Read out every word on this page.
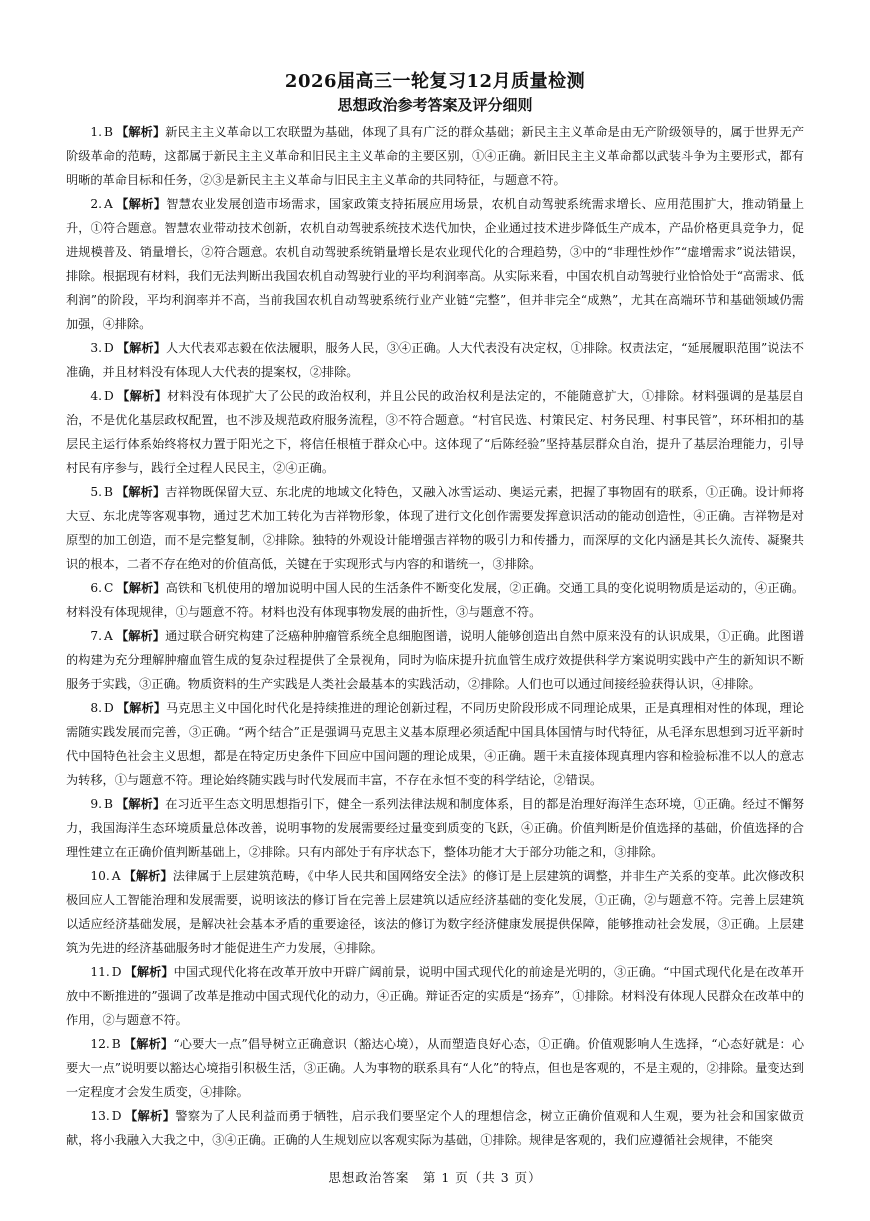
2026届高三一轮复习12月质量检测
思想政治参考答案及评分细则

1. B 【解析】新民主主义革命以工农联盟为基础，体现了具有广泛的群众基础；新民主主义革命是由无产阶级领导的，属于世界无产阶级革命的范畴，这都属于新民主主义革命和旧民主主义革命的主要区别，①④正确。新旧民主主义革命都以武装斗争为主要形式，都有明晰的革命目标和任务，②③是新民主主义革命与旧民主主义革命的共同特征，与题意不符。

2. A 【解析】智慧农业发展创造市场需求，国家政策支持拓展应用场景，农机自动驾驶系统需求增长、应用范围扩大，推动销量上升，①符合题意。智慧农业带动技术创新，农机自动驾驶系统技术迭代加快，企业通过技术进步降低生产成本，产品价格更具竞争力，促进规模普及、销量增长，②符合题意。农机自动驾驶系统销量增长是农业现代化的合理趋势，③中的“非理性炒作”“虚增需求”说法错误，排除。根据现有材料，我们无法判断出我国农机自动驾驶行业的平均利润率高。从实际来看，中国农机自动驾驶行业恰恰处于“高需求、低利润”的阶段，平均利润率并不高，当前我国农机自动驾驶系统行业产业链“完整”，但并非完全“成熟”，尤其在高端环节和基础领域仍需加强，④排除。

3. D 【解析】人大代表邓志毅在依法履职，服务人民，③④正确。人大代表没有决定权，①排除。权责法定，“延展履职范围”说法不准确，并且材料没有体现人大代表的提案权，②排除。

4. D 【解析】材料没有体现扩大了公民的政治权利，并且公民的政治权利是法定的，不能随意扩大，①排除。材料强调的是基层自治，不是优化基层政权配置，也不涉及规范政府服务流程，③不符合题意。“村官民选、村策民定、村务民理、村事民管”，环环相扣的基层民主运行体系始终将权力置于阳光之下，将信任根植于群众心中。这体现了“后陈经验”坚持基层群众自治，提升了基层治理能力，引导村民有序参与，践行全过程人民民主，②④正确。

5. B 【解析】吉祥物既保留大豆、东北虎的地域文化特色，又融入冰雪运动、奥运元素，把握了事物固有的联系，①正确。设计师将大豆、东北虎等客观事物，通过艺术加工转化为吉祥物形象，体现了进行文化创作需要发挥意识活动的能动创造性，④正确。吉祥物是对原型的加工创造，而不是完整复制，②排除。独特的外观设计能增强吉祥物的吸引力和传播力，而深厚的文化内涵是其长久流传、凝聚共识的根本，二者不存在绝对的价值高低，关键在于实现形式与内容的和谐统一，③排除。

6. C 【解析】高铁和飞机使用的增加说明中国人民的生活条件不断变化发展，②正确。交通工具的变化说明物质是运动的，④正确。材料没有体现规律，①与题意不符。材料也没有体现事物发展的曲折性，③与题意不符。

7. A 【解析】通过联合研究构建了泛癌种肿瘤管系统全息细胞图谱，说明人能够创造出自然中原来没有的认识成果，①正确。此图谱的构建为充分理解肿瘤血管生成的复杂过程提供了全景视角，同时为临床提升抗血管生成疗效提供科学方案说明实践中产生的新知识不断服务于实践，③正确。物质资料的生产实践是人类社会最基本的实践活动，②排除。人们也可以通过间接经验获得认识，④排除。

8. D 【解析】马克思主义中国化时代化是持续推进的理论创新过程，不同历史阶段形成不同理论成果，正是真理相对性的体现，理论需随实践发展而完善，③正确。“两个结合”正是强调马克思主义基本原理必须适配中国具体国情与时代特征，从毛泽东思想到习近平新时代中国特色社会主义思想，都是在特定历史条件下回应中国问题的理论成果，④正确。题干未直接体现真理内容和检验标准不以人的意志为转移，①与题意不符。理论始终随实践与时代发展而丰富，不存在永恒不变的科学结论，②错误。

9. B 【解析】在习近平生态文明思想指引下，健全一系列法律法规和制度体系，目的都是治理好海洋生态环境，①正确。经过不懈努力，我国海洋生态环境质量总体改善，说明事物的发展需要经过量变到质变的飞跃，④正确。价值判断是价值选择的基础，价值选择的合理性建立在正确价值判断基础上，②排除。只有内部处于有序状态下，整体功能才大于部分功能之和，③排除。

10. A 【解析】法律属于上层建筑范畴，《中华人民共和国网络安全法》的修订是上层建筑的调整，并非生产关系的变革。此次修改积极回应人工智能治理和发展需要，说明该法的修订旨在完善上层建筑以适应经济基础的变化发展，①正确，②与题意不符。完善上层建筑以适应经济基础发展，是解决社会基本矛盾的重要途径，该法的修订为数字经济健康发展提供保障，能够推动社会发展，③正确。上层建筑为先进的经济基础服务时才能促进生产力发展，④排除。

11. D 【解析】中国式现代化将在改革开放中开辟广阔前景，说明中国式现代化的前途是光明的，③正确。“中国式现代化是在改革开放中不断推进的”强调了改革是推动中国式现代化的动力，④正确。辩证否定的实质是“扬弃”，①排除。材料没有体现人民群众在改革中的作用，②与题意不符。

12. B 【解析】“心要大一点”倡导树立正确意识（豁达心境），从而塑造良好心态，①正确。价值观影响人生选择，“心态好就是：心要大一点”说明要以豁达心境指引积极生活，③正确。人为事物的联系具有“人化”的特点，但也是客观的，不是主观的，②排除。量变达到一定程度才会发生质变，④排除。

13. D 【解析】警察为了人民利益而勇于牺牲，启示我们要坚定个人的理想信念，树立正确价值观和人生观，要为社会和国家做贡献，将小我融入大我之中，③④正确。正确的人生规划应以客观实际为基础，①排除。规律是客观的，我们应遵循社会规律，不能突

思想政治答案　第 1 页（共 3 页）
